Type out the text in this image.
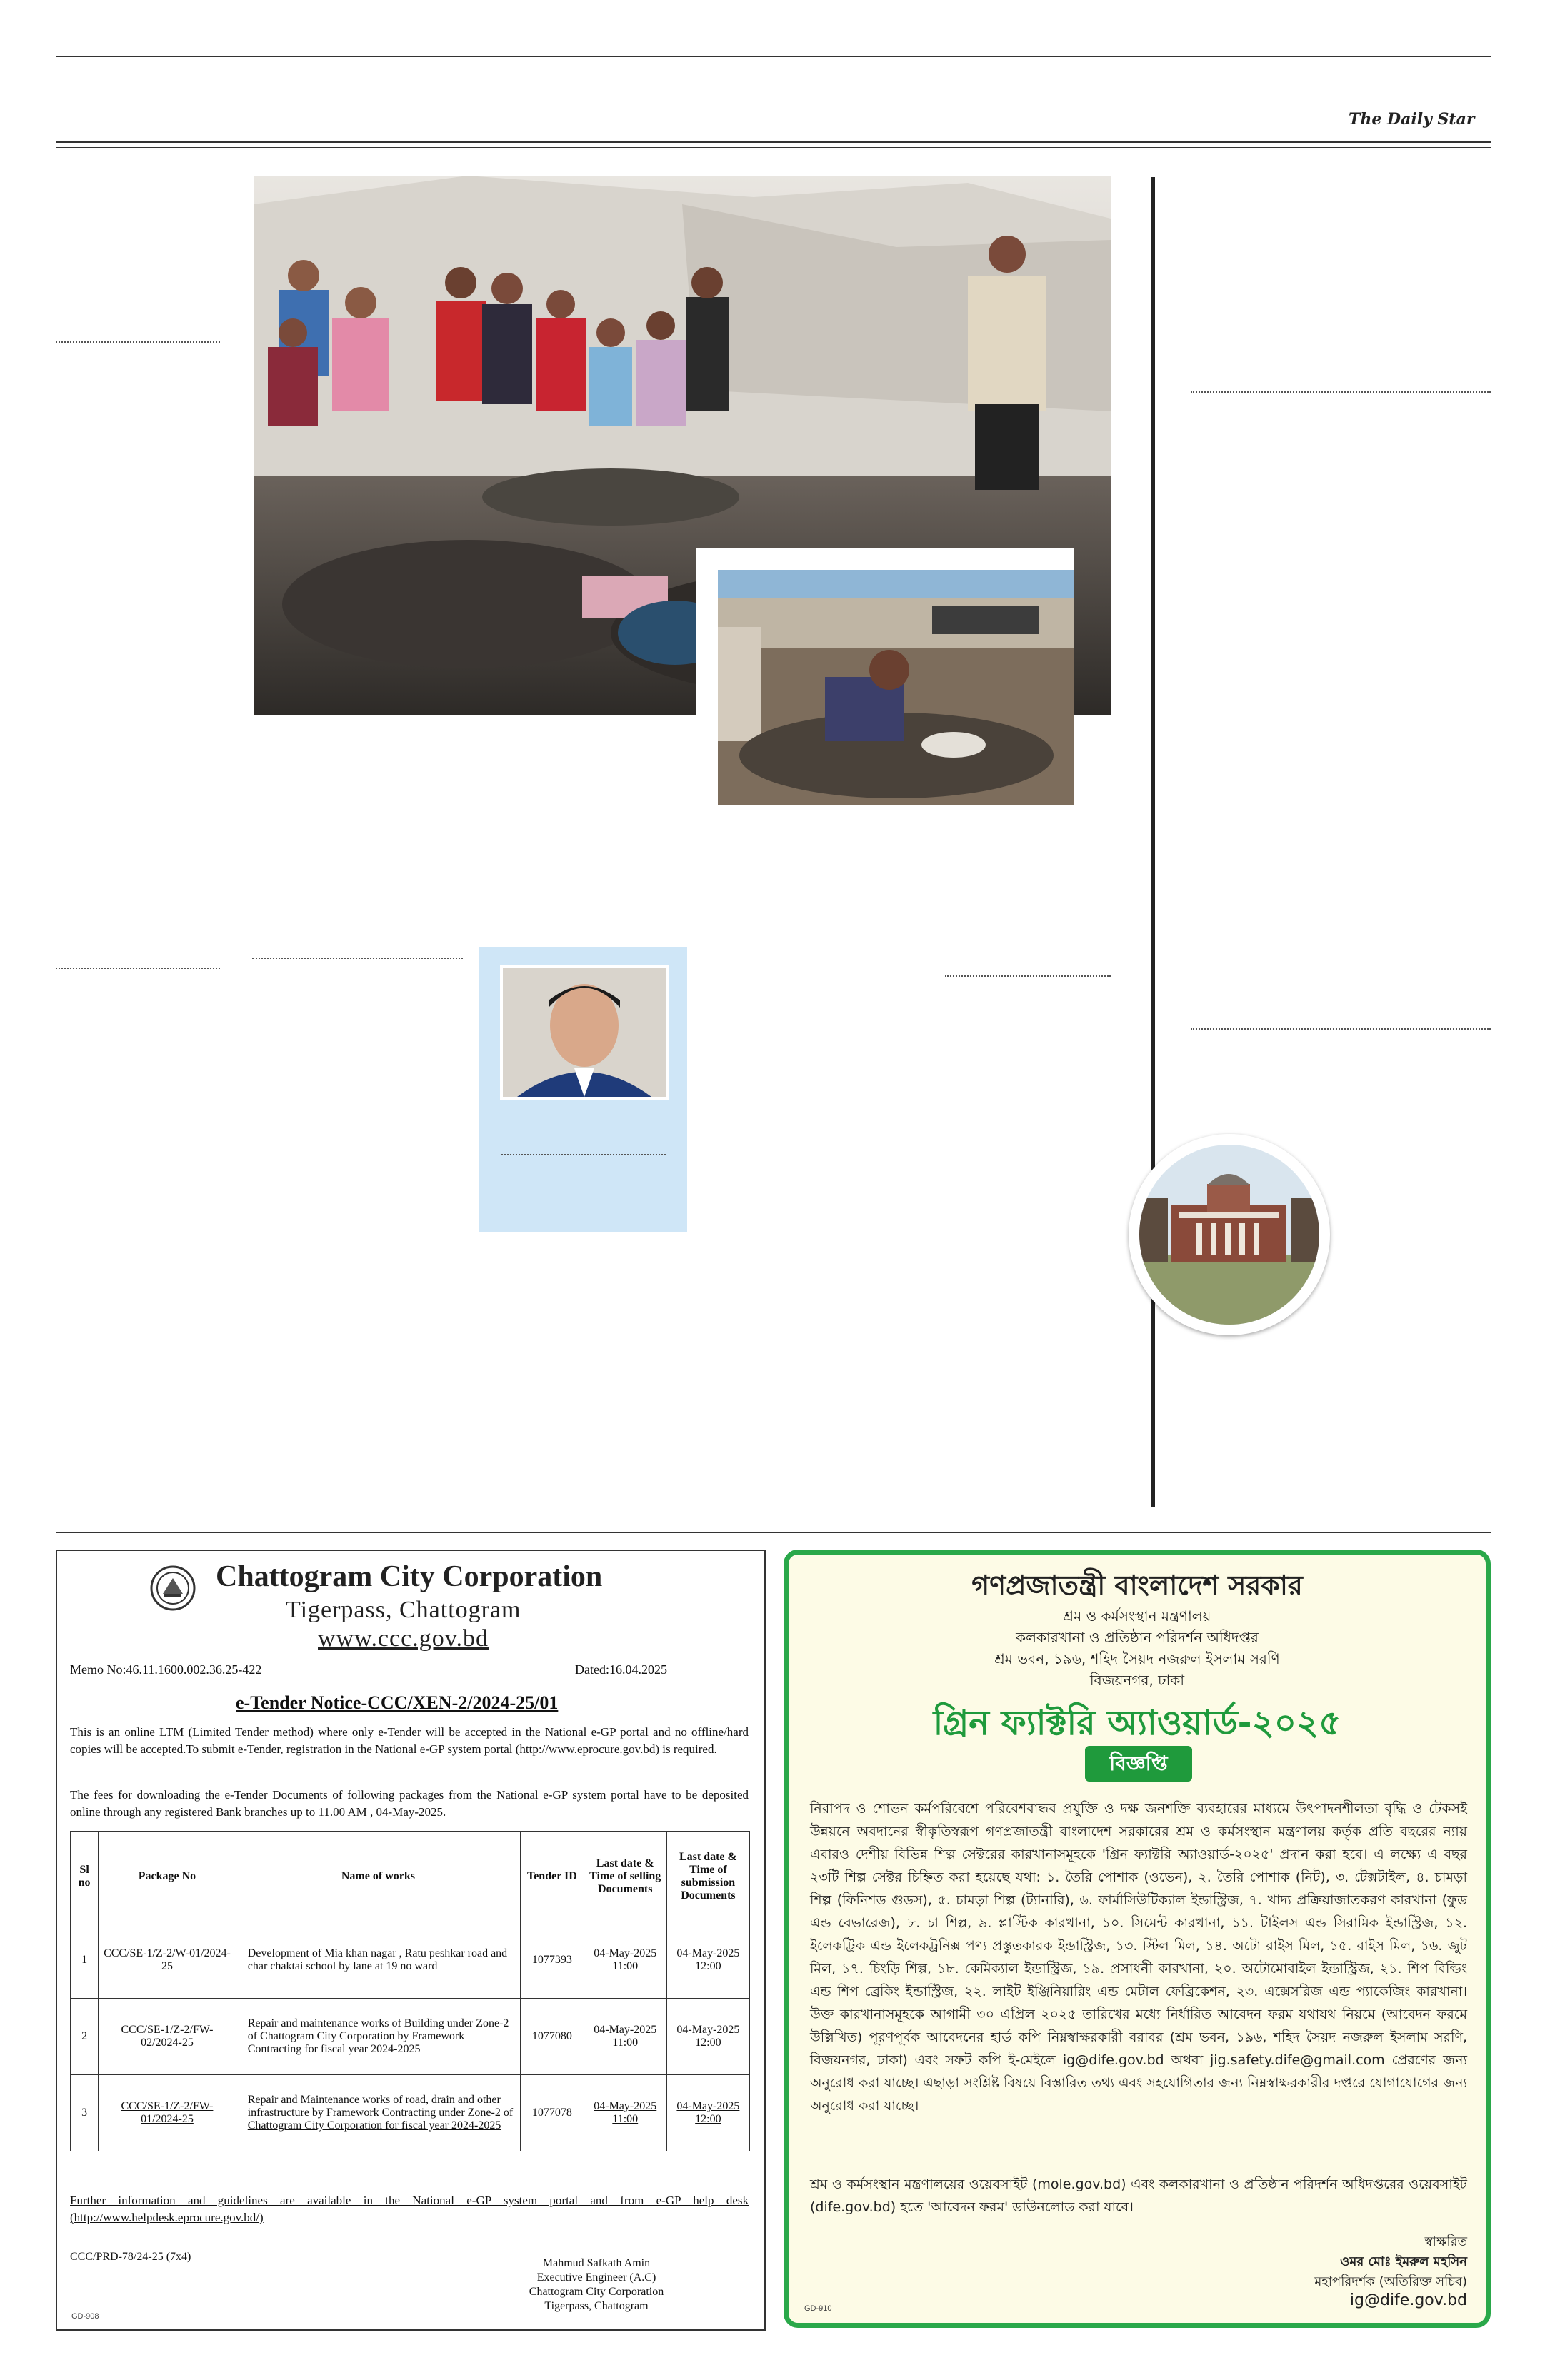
The Daily Star
Chattogram City Corporation
Tigerpass, Chattogram
www.ccc.gov.bd
Memo No:46.11.1600.002.36.25-422	Dated:16.04.2025
e-Tender Notice-CCC/XEN-2/2024-25/01
This is an online LTM (Limited Tender method) where only e-Tender will be accepted in the National e-GP portal and no offline/hard copies will be accepted.To submit e-Tender, registration in the National e-GP system portal (http://www.eprocure.gov.bd) is required.
The fees for downloading the e-Tender Documents of following packages from the National e-GP system portal have to be deposited online through any registered Bank branches up to 11.00 AM , 04-May-2025.
Sl no	Package No	Name of works	Tender ID	Last date & Time of selling Documents	Last date & Time of submission Documents
1	CCC/SE-1/Z-2/W-01/2024-25	Development of Mia khan nagar , Ratu peshkar road and char chaktai school by lane at 19 no ward	1077393	04-May-2025 11:00	04-May-2025 12:00
2	CCC/SE-1/Z-2/FW-02/2024-25	Repair and maintenance works of Building under Zone-2 of Chattogram City Corporation by Framework Contracting for fiscal year 2024-2025	1077080	04-May-2025 11:00	04-May-2025 12:00
3	CCC/SE-1/Z-2/FW-01/2024-25	Repair and Maintenance works of road, drain and other infrastructure by Framework Contracting under Zone-2 of Chattogram City Corporation for fiscal year 2024-2025	1077078	04-May-2025 11:00	04-May-2025 12:00
Further information and guidelines are available in the National e-GP system portal and from e-GP help desk (http://www.helpdesk.eprocure.gov.bd/)
CCC/PRD-78/24-25 (7x4)
Mahmud Safkath Amin
Executive Engineer (A.C)
Chattogram City Corporation
Tigerpass, Chattogram
GD-908
গণপ্রজাতন্ত্রী বাংলাদেশ সরকার
শ্রম ও কর্মসংস্থান মন্ত্রণালয়
কলকারখানা ও প্রতিষ্ঠান পরিদর্শন অধিদপ্তর
শ্রম ভবন, ১৯৬, শহিদ সৈয়দ নজরুল ইসলাম সরণি
বিজয়নগর, ঢাকা
গ্রিন ফ্যাক্টরি অ্যাওয়ার্ড-২০২৫
বিজ্ঞপ্তি
নিরাপদ ও শোভন কর্মপরিবেশে পরিবেশবান্ধব প্রযুক্তি ও দক্ষ জনশক্তি ব্যবহারের মাধ্যমে উৎপাদনশীলতা বৃদ্ধি ও টেকসই উন্নয়নে অবদানের স্বীকৃতিস্বরূপ গণপ্রজাতন্ত্রী বাংলাদেশ সরকারের শ্রম ও কর্মসংস্থান মন্ত্রণালয় কর্তৃক প্রতি বছরের ন্যায় এবারও দেশীয় বিভিন্ন শিল্প সেক্টরের কারখানাসমূহকে 'গ্রিন ফ্যাক্টরি অ্যাওয়ার্ড-২০২৫' প্রদান করা হবে। এ লক্ষ্যে এ বছর ২৩টি শিল্প সেক্টর চিহ্নিত করা হয়েছে যথা: ১. তৈরি পোশাক (ওভেন), ২. তৈরি পোশাক (নিট), ৩. টেক্সটাইল, ৪. চামড়া শিল্প (ফিনিশড গুডস), ৫. চামড়া শিল্প (ট্যানারি), ৬. ফার্মাসিউটিক্যাল ইন্ডাস্ট্রিজ, ৭. খাদ্য প্রক্রিয়াজাতকরণ কারখানা (ফুড এন্ড বেভারেজ), ৮. চা শিল্প, ৯. প্লাস্টিক কারখানা, ১০. সিমেন্ট কারখানা, ১১. টাইলস এন্ড সিরামিক ইন্ডাস্ট্রিজ, ১২. ইলেকট্রিক এন্ড ইলেকট্রনিক্স পণ্য প্রস্তুতকারক ইন্ডাস্ট্রিজ, ১৩. স্টিল মিল, ১৪. অটো রাইস মিল, ১৫. রাইস মিল, ১৬. জুট মিল, ১৭. চিংড়ি শিল্প, ১৮. কেমিক্যাল ইন্ডাস্ট্রিজ, ১৯. প্রসাধনী কারখানা, ২০. অটোমোবাইল ইন্ডাস্ট্রিজ, ২১. শিপ বিল্ডিং এন্ড শিপ ব্রেকিং ইন্ডাস্ট্রিজ, ২২. লাইট ইঞ্জিনিয়ারিং এন্ড মেটাল ফেব্রিকেশন, ২৩. এক্সেসরিজ এন্ড প্যাকেজিং কারখানা। উক্ত কারখানাসমূহকে আগামী ৩০ এপ্রিল ২০২৫ তারিখের মধ্যে নির্ধারিত আবেদন ফরম যথাযথ নিয়মে (আবেদন ফরমে উল্লিখিত) পূরণপূর্বক আবেদনের হার্ড কপি নিম্নস্বাক্ষরকারী বরাবর (শ্রম ভবন, ১৯৬, শহিদ সৈয়দ নজরুল ইসলাম সরণি, বিজয়নগর, ঢাকা) এবং সফট কপি ই-মেইলে ig@dife.gov.bd অথবা jig.safety.dife@gmail.com প্রেরণের জন্য অনুরোধ করা যাচ্ছে। এছাড়া সংশ্লিষ্ট বিষয়ে বিস্তারিত তথ্য এবং সহযোগিতার জন্য নিম্নস্বাক্ষরকারীর দপ্তরে যোগাযোগের জন্য অনুরোধ করা যাচ্ছে।
শ্রম ও কর্মসংস্থান মন্ত্রণালয়ের ওয়েবসাইট (mole.gov.bd) এবং কলকারখানা ও প্রতিষ্ঠান পরিদর্শন অধিদপ্তরের ওয়েবসাইট (dife.gov.bd) হতে 'আবেদন ফরম' ডাউনলোড করা যাবে।
স্বাক্ষরিত
ওমর মোঃ ইমরুল মহসিন
মহাপরিদর্শক (অতিরিক্ত সচিব)
ig@dife.gov.bd
GD-910
